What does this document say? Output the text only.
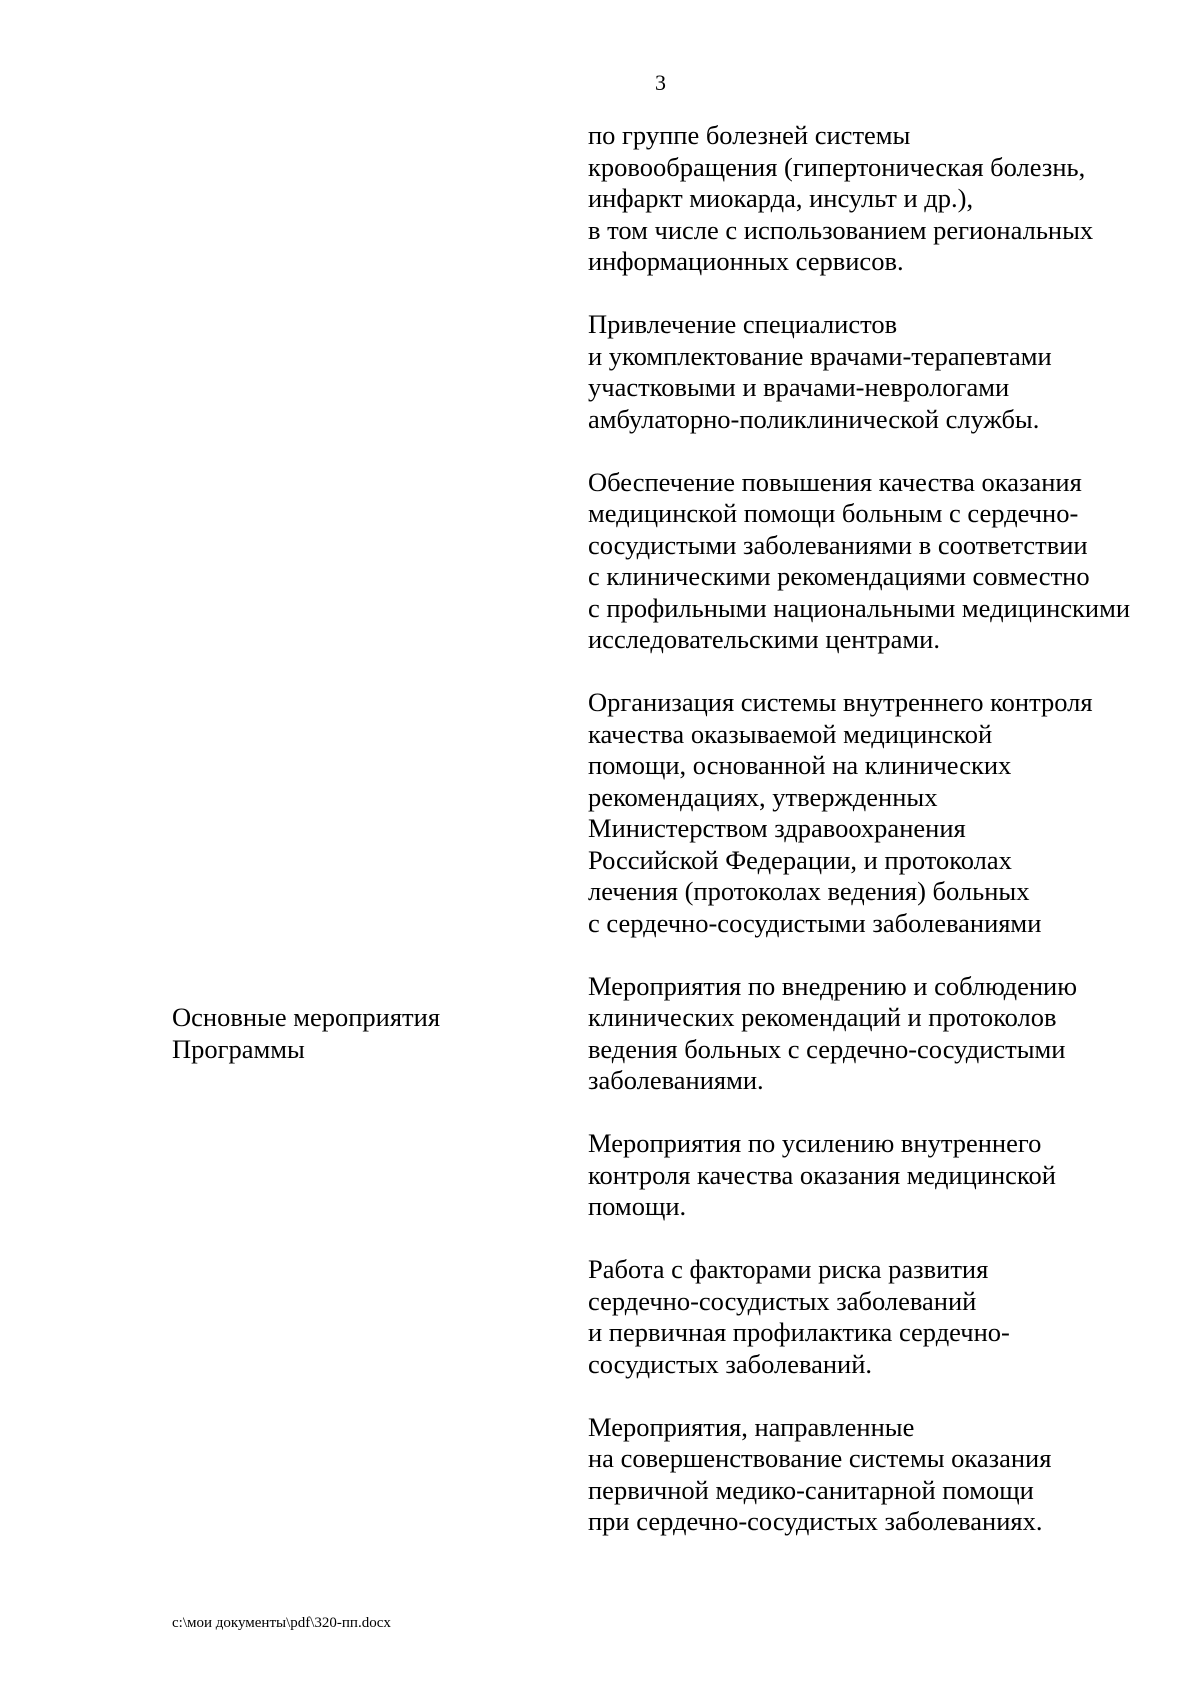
3
Основные мероприятия
Программы
по группе болезней системы
кровообращения (гипертоническая болезнь,
инфаркт миокарда, инсульт и др.),
в том числе с использованием региональных
информационных сервисов.
Привлечение специалистов
и укомплектование врачами-терапевтами
участковыми и врачами-неврологами
амбулаторно-поликлинической службы.
Обеспечение повышения качества оказания
медицинской помощи больным с сердечно-
сосудистыми заболеваниями в соответствии
с клиническими рекомендациями совместно
с профильными национальными медицинскими
исследовательскими центрами.
Организация системы внутреннего контроля
качества оказываемой медицинской
помощи, основанной на клинических
рекомендациях, утвержденных
Министерством здравоохранения
Российской Федерации, и протоколах
лечения (протоколах ведения) больных
с сердечно-сосудистыми заболеваниями
Мероприятия по внедрению и соблюдению
клинических рекомендаций и протоколов
ведения больных с сердечно-сосудистыми
заболеваниями.
Мероприятия по усилению внутреннего
контроля качества оказания медицинской
помощи.
Работа с факторами риска развития
сердечно-сосудистых заболеваний
и первичная профилактика сердечно-
сосудистых заболеваний.
Мероприятия, направленные
на совершенствование системы оказания
первичной медико-санитарной помощи
при сердечно-сосудистых заболеваниях.
c:\мои документы\pdf\320-пп.docx
